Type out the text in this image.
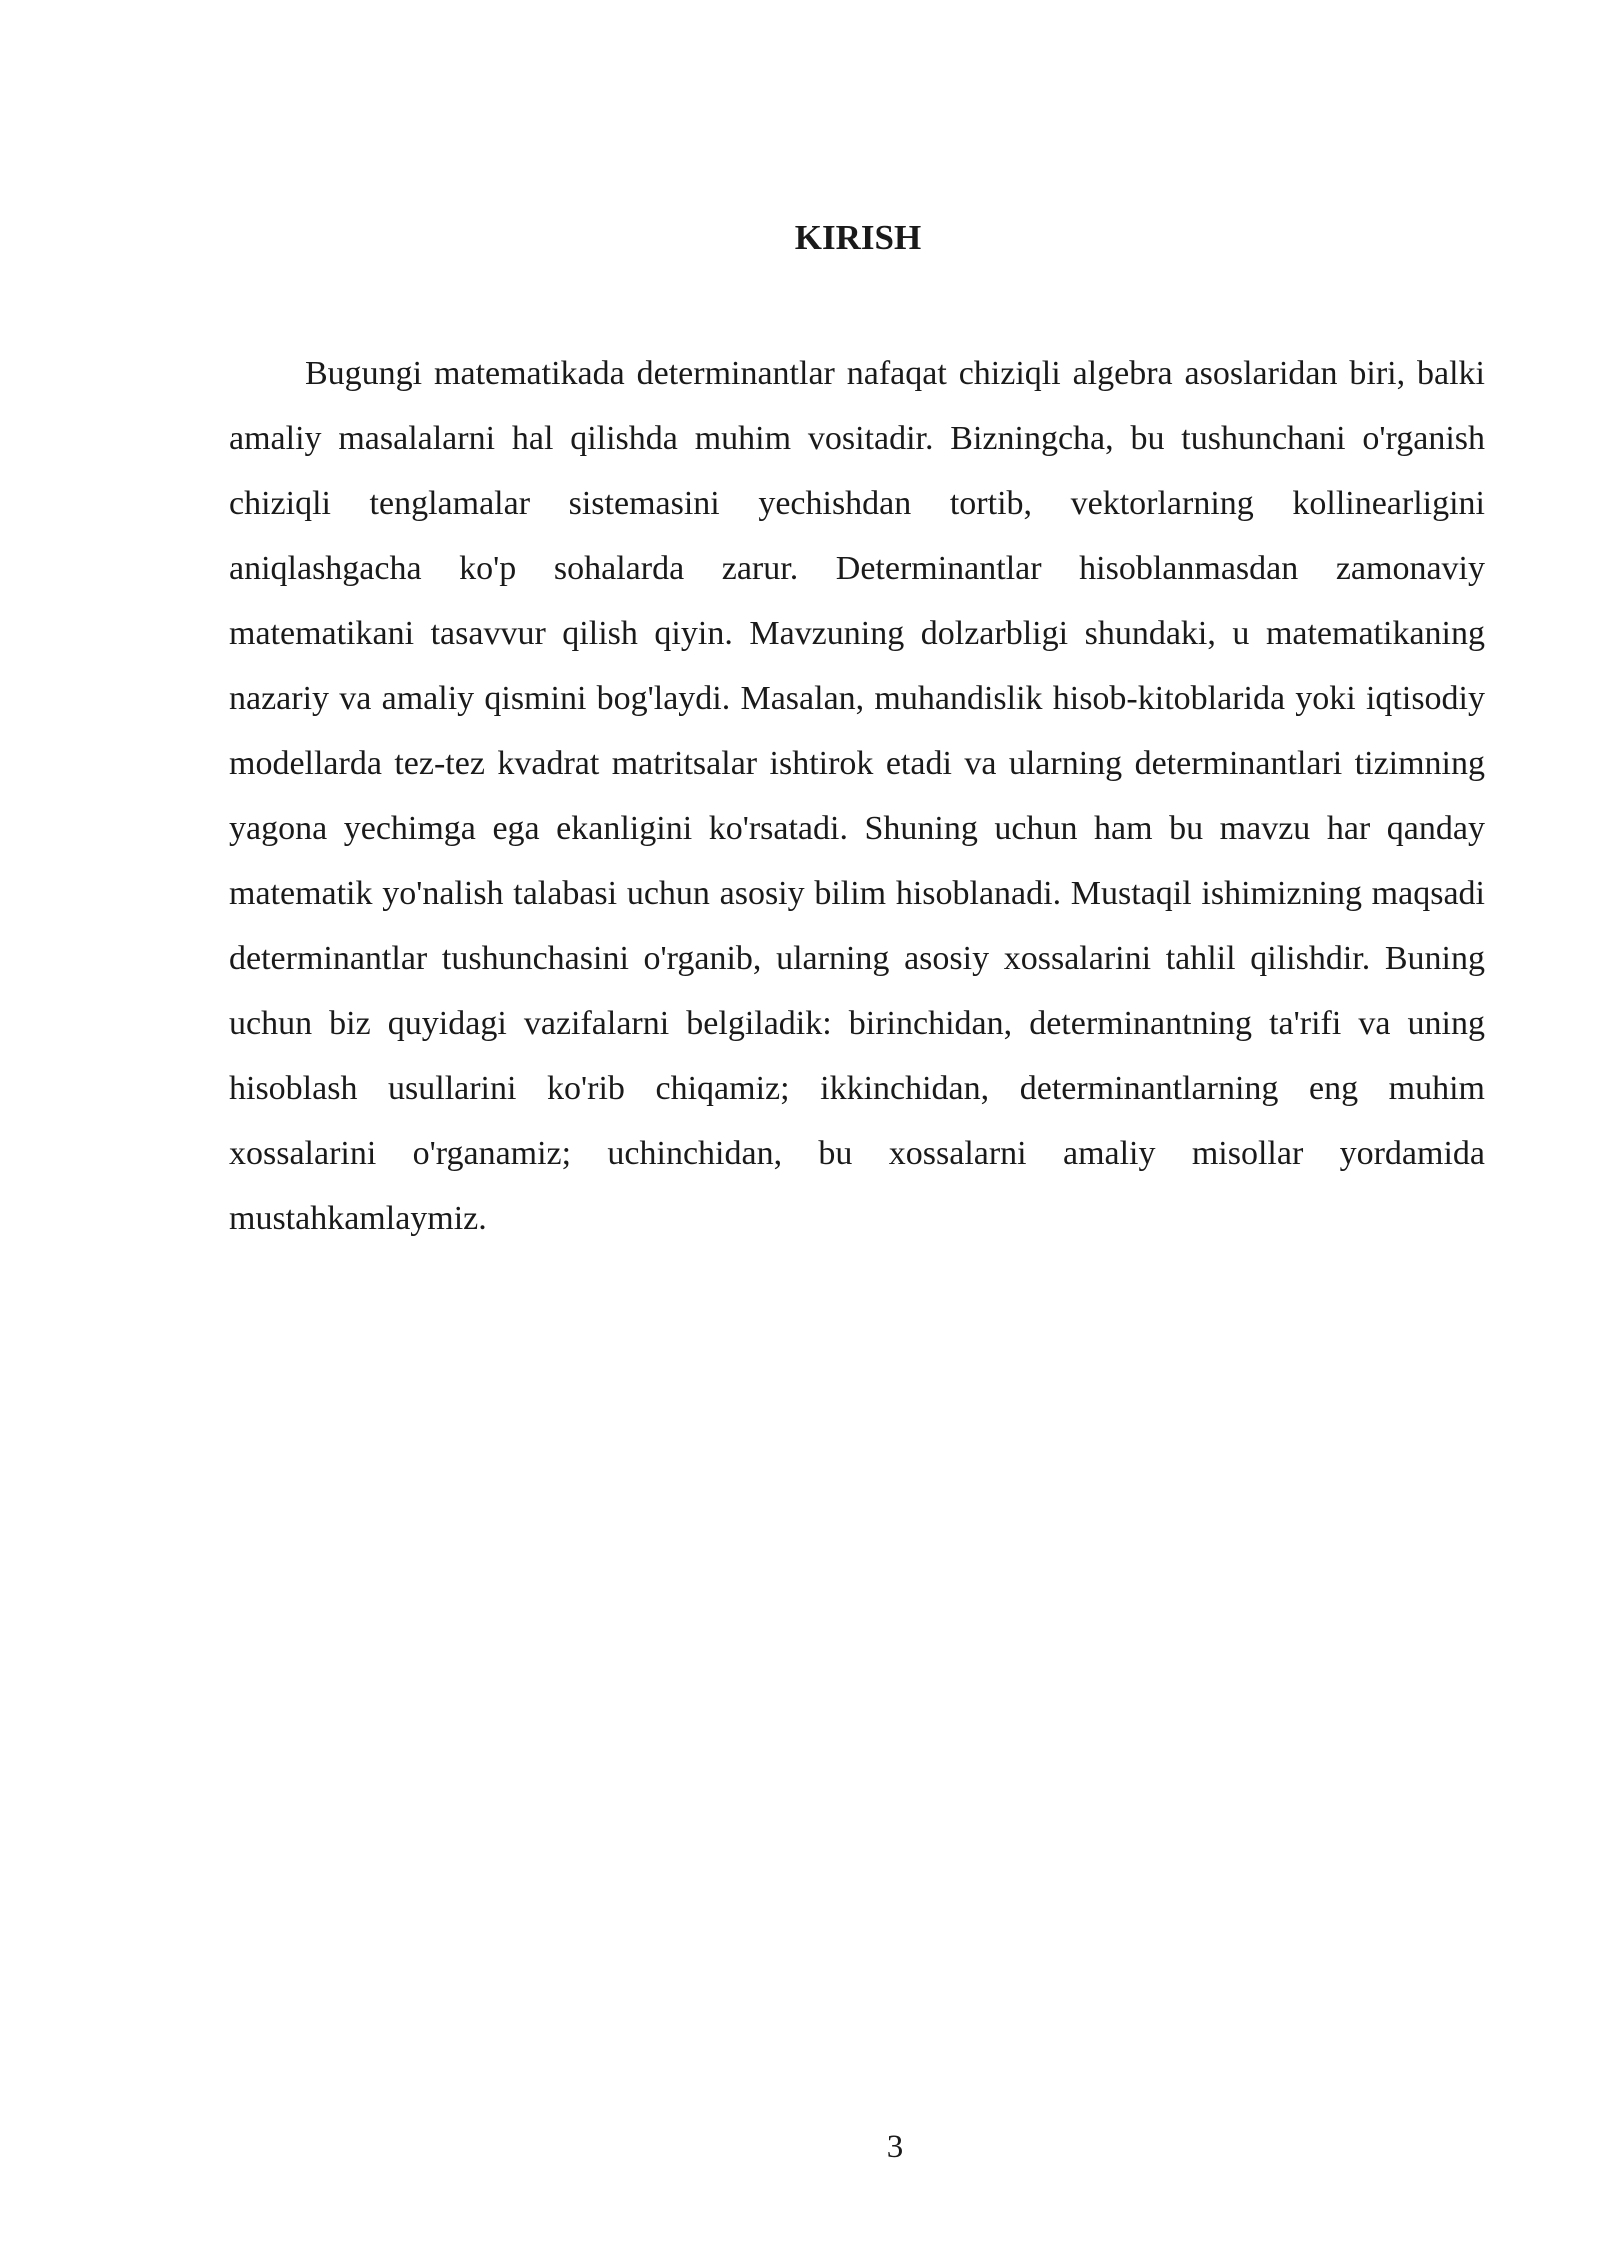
KIRISH

Bugungi matematikada determinantlar nafaqat chiziqli algebra asoslaridan biri, balki amaliy masalalarni hal qilishda muhim vositadir. Bizningcha, bu tushunchani o'rganish chiziqli tenglamalar sistemasini yechishdan tortib, vektorlarning kollinearligini aniqlashgacha ko'p sohalarda zarur. Determinantlar hisoblanmasdan zamonaviy matematikani tasavvur qilish qiyin. Mavzuning dolzarbligi shundaki, u matematikaning nazariy va amaliy qismini bog'laydi. Masalan, muhandislik hisob-kitoblarida yoki iqtisodiy modellarda tez-tez kvadrat matritsalar ishtirok etadi va ularning determinantlari tizimning yagona yechimga ega ekanligini ko'rsatadi. Shuning uchun ham bu mavzu har qanday matematik yo'nalish talabasi uchun asosiy bilim hisoblanadi. Mustaqil ishimizning maqsadi determinantlar tushunchasini o'rganib, ularning asosiy xossalarini tahlil qilishdir. Buning uchun biz quyidagi vazifalarni belgiladik: birinchidan, determinantning ta'rifi va uning hisoblash usullarini ko'rib chiqamiz; ikkinchidan, determinantlarning eng muhim xossalarini o'rganamiz; uchinchidan, bu xossalarni amaliy misollar yordamida mustahkamlaymiz.

3
